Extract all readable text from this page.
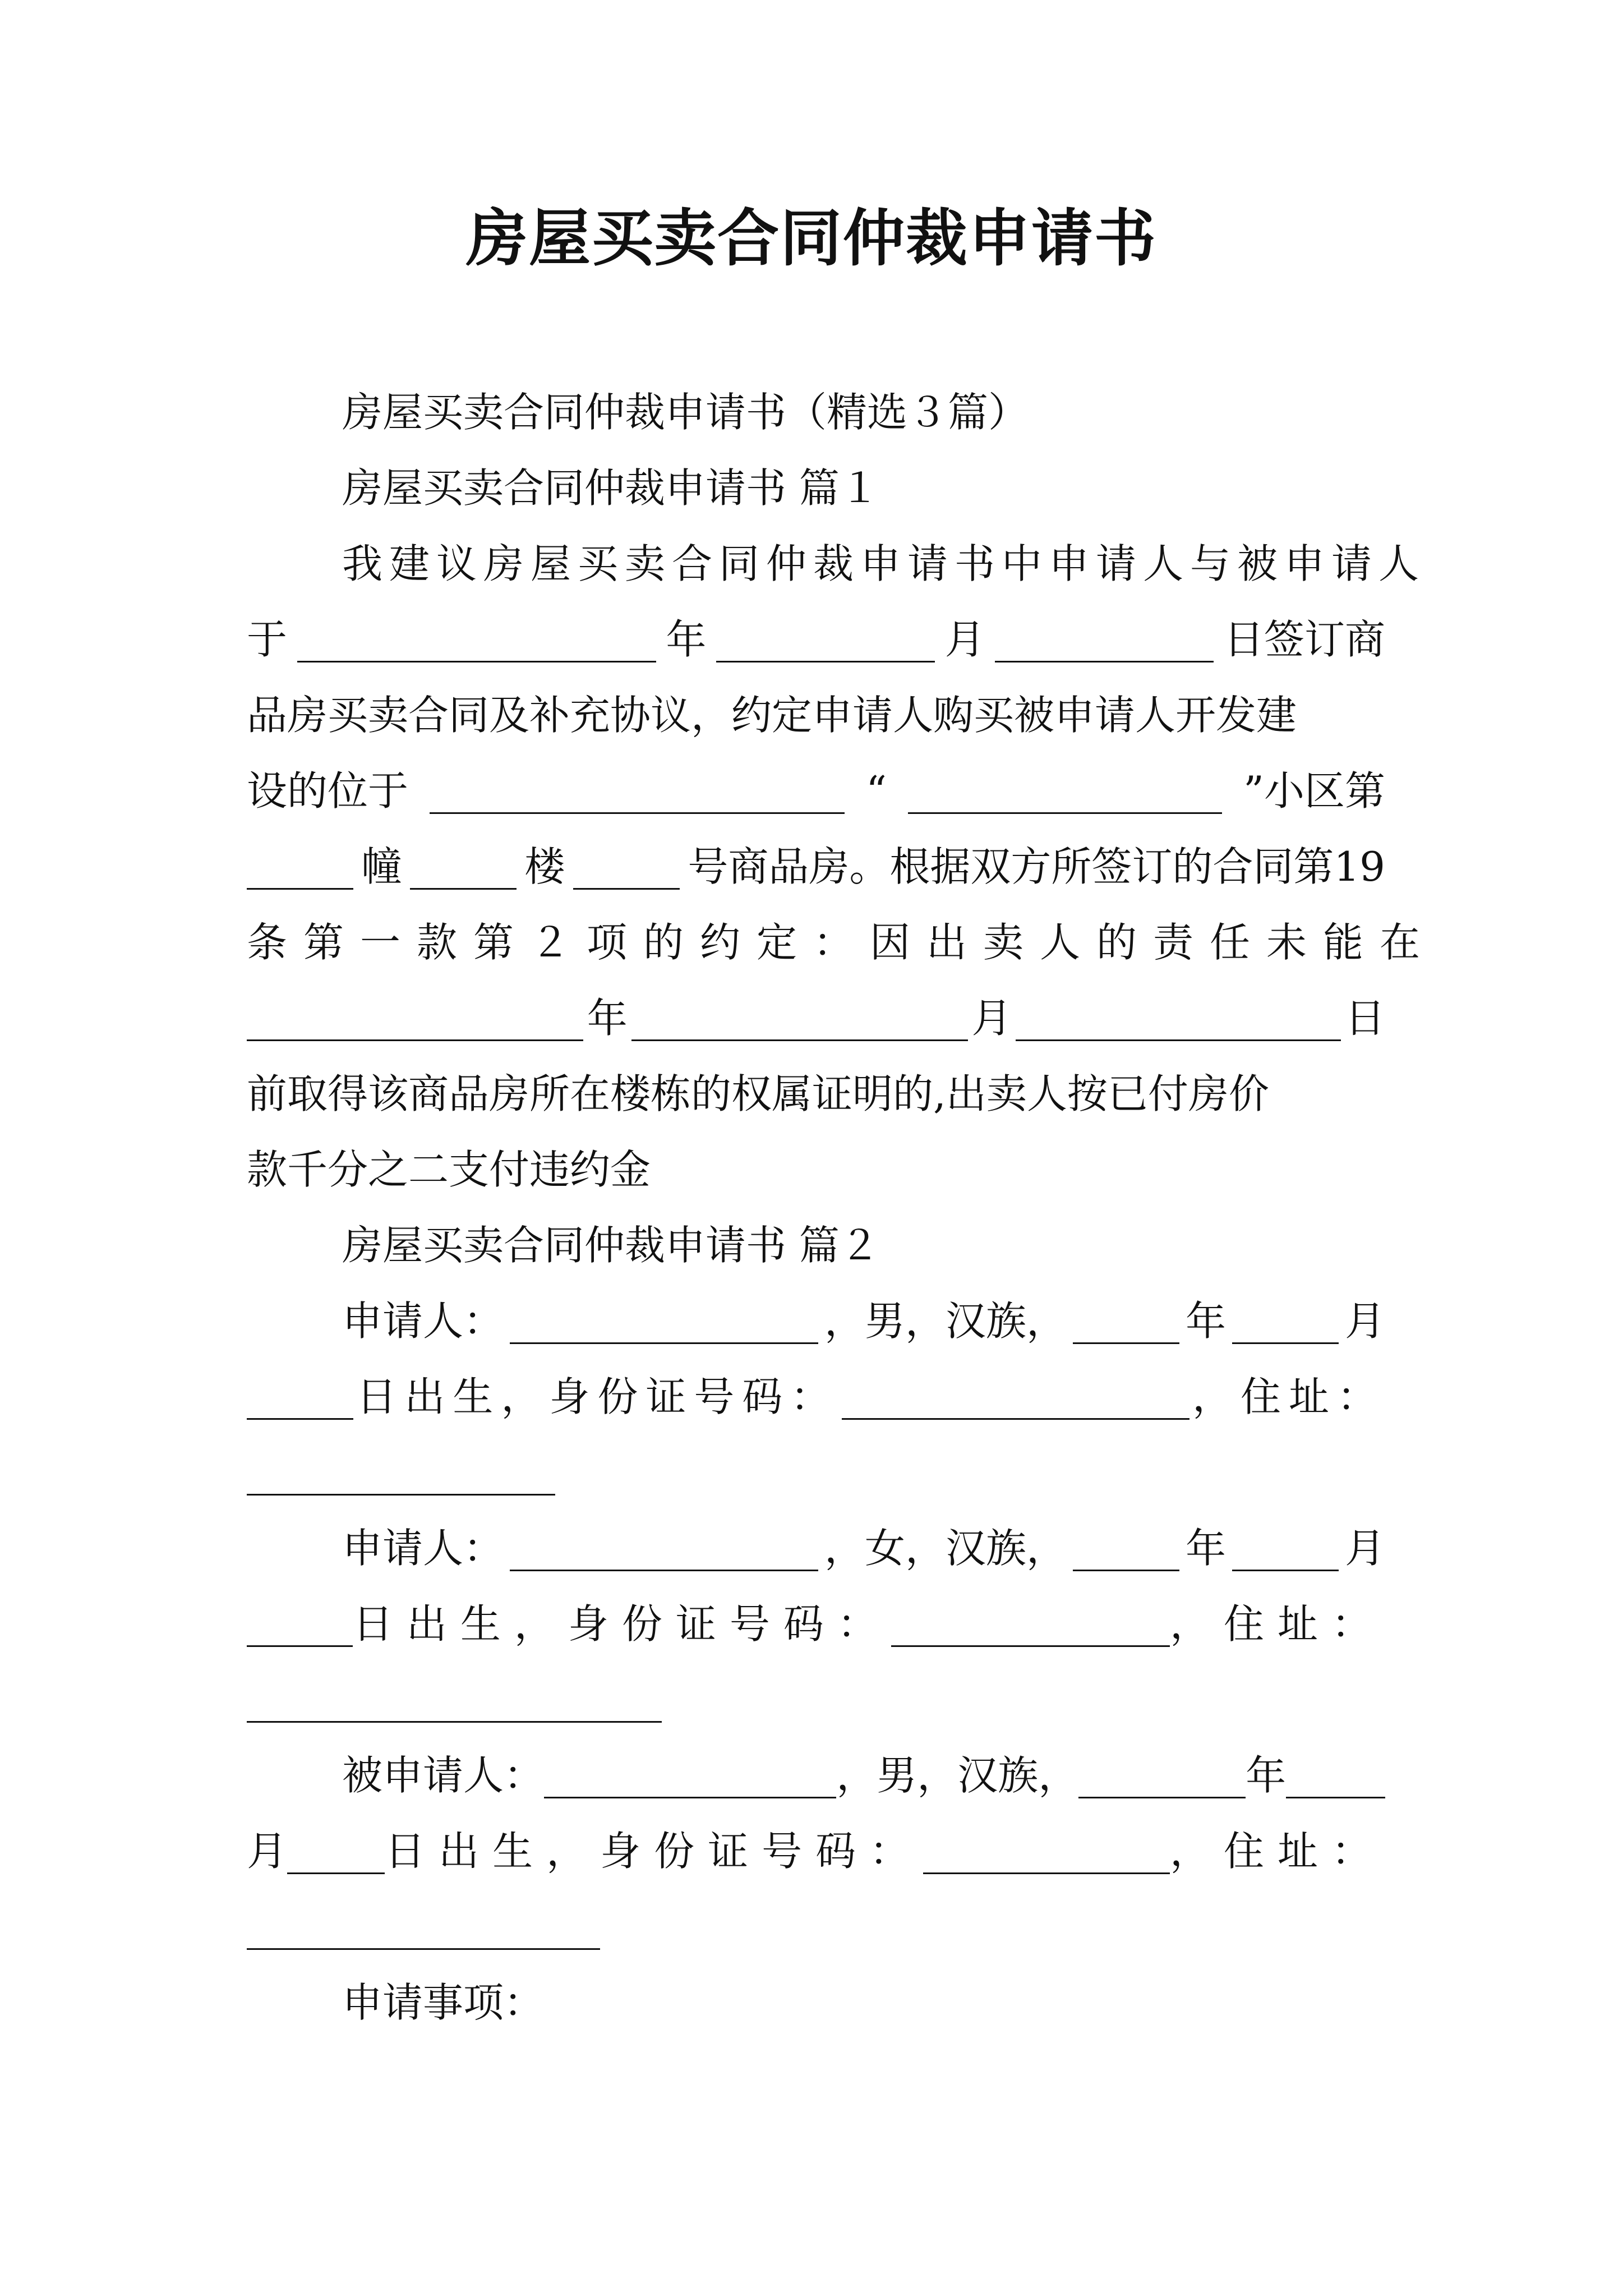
房屋买卖合同仲裁申请书
房屋买卖合同仲裁申请书（精选３篇）
房屋买卖合同仲裁申请书 篇１
我建议房屋买卖合同仲裁申请书中申请人与被申请人
于	年	月	日签订商
品房买卖合同及补充协议，约定申请人购买被申请人开发建
设的位于	“	”小区第
幢	楼	号商品房。根据双方所签订的合同第19
条第一款第２项的约定：因出卖人的责任未能在
年	月	日
前取得该商品房所在楼栋的权属证明的,出卖人按已付房价
款千分之二支付违约金
房屋买卖合同仲裁申请书 篇２
申请人：	，男，汉族，	年	月
日出生，身份证号码：	，住址：
申请人：	，女，汉族，	年	月
日出生，身份证号码：	，住址：
被申请人：	，男，汉族，	年
月 日出生，身份证号码：	，住址：
申请事项：
